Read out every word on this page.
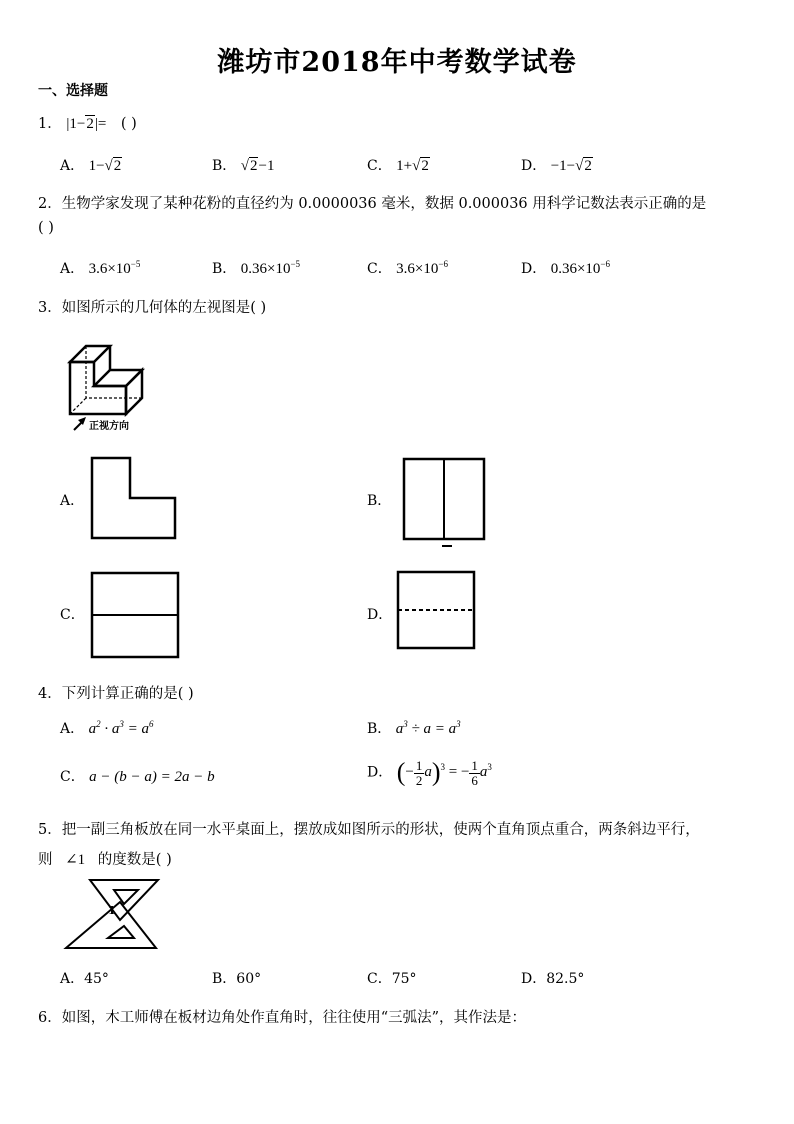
潍坊市2018年中考数学试卷
一、选择题
1． |1−2|= ( )
A． 1−√2	B． √2−1	C． 1+√2	D． −1−√2
2．生物学家发现了某种花粉的直径约为 0.0000036 毫米，数据 0.000036 用科学记数法表示正确的是
( )
A． $3.6\times 10^{-5}$	B． $0.36\times 10^{-5}$	C． $3.6\times 10^{-6}$	D． $0.36\times 10^{-6}$
3．如图所示的几何体的左视图是( )
正视方向
A．	B．
C．	D．
4．下列计算正确的是( )
A． $a^2 \cdot a^3 = a^6$	B． $a^3 \div a = a^3$
C． a − (b − a) = 2a − b	D． (− $\frac{1}{2} a)^3$ = − $\frac{1}{6} a^3$
5．把一副三角板放在同一水平桌面上，摆放成如图所示的形状，使两个直角顶点重合，两条斜边平行，
则 ∠1 的度数是( )
1
A．45°	B．60°	C．75°	D．82.5°
6．如图，木工师傅在板材边角处作直角时，往往使用“三弧法”，其作法是：
